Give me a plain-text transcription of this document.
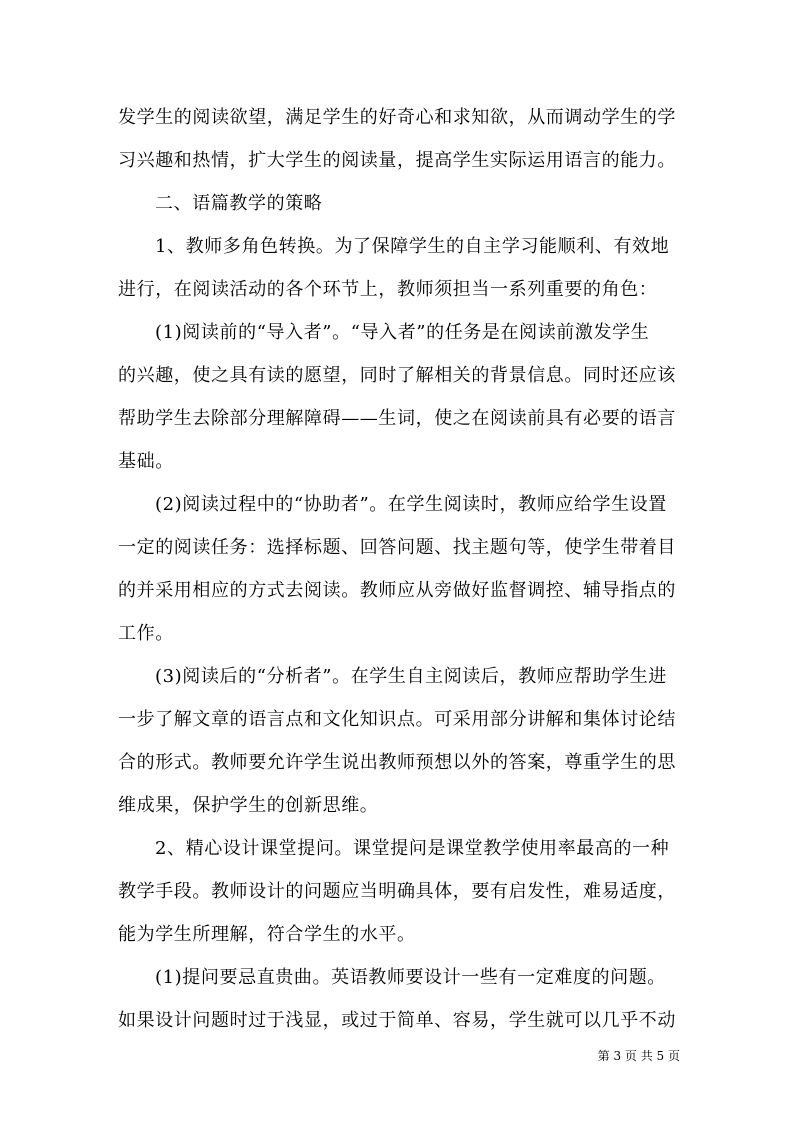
发学生的阅读欲望，满足学生的好奇心和求知欲，从而调动学生的学
习兴趣和热情，扩大学生的阅读量，提高学生实际运用语言的能力。
二、语篇教学的策略
1、教师多角色转换。为了保障学生的自主学习能顺利、有效地
进行，在阅读活动的各个环节上，教师须担当一系列重要的角色：
(1)阅读前的“导入者”。“导入者”的任务是在阅读前激发学生
的兴趣，使之具有读的愿望，同时了解相关的背景信息。同时还应该
帮助学生去除部分理解障碍——生词，使之在阅读前具有必要的语言
基础。
(2)阅读过程中的“协助者”。在学生阅读时，教师应给学生设置
一定的阅读任务：选择标题、回答问题、找主题句等，使学生带着目
的并采用相应的方式去阅读。教师应从旁做好监督调控、辅导指点的
工作。
(3)阅读后的“分析者”。在学生自主阅读后，教师应帮助学生进
一步了解文章的语言点和文化知识点。可采用部分讲解和集体讨论结
合的形式。教师要允许学生说出教师预想以外的答案，尊重学生的思
维成果，保护学生的创新思维。
2、精心设计课堂提问。课堂提问是课堂教学使用率最高的一种
教学手段。教师设计的问题应当明确具体，要有启发性，难易适度，
能为学生所理解，符合学生的水平。
(1)提问要忌直贵曲。英语教师要设计一些有一定难度的问题。
如果设计问题时过于浅显，或过于简单、容易，学生就可以几乎不动
第 3 页 共 5 页
